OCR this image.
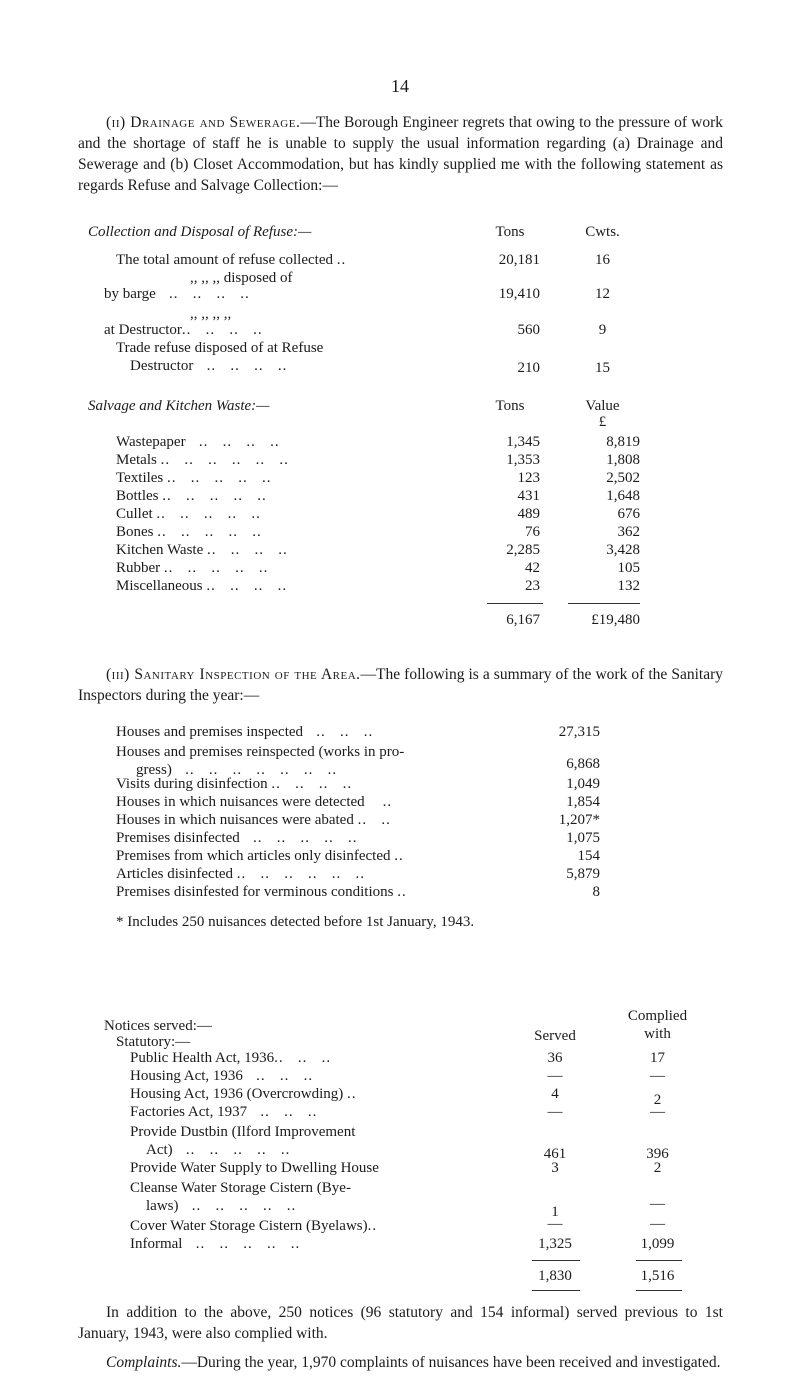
14
(ii) Drainage and Sewerage.—The Borough Engineer regrets that owing to the pressure of work and the shortage of staff he is unable to supply the usual information regarding (a) Drainage and Sewerage and (b) Closet Accommodation, but has kindly supplied me with the following statement as regards Refuse and Salvage Collection:—
Collection and Disposal of Refuse:—	Tons	Cwts.
The total amount of refuse collected ..	20,181	16
,, ,, ,, disposed of
by barge   ..   ..   ..   ..	19,410	12
,, ,, ,, ,,
at Destructor..   ..   ..   ..	560	9
Trade refuse disposed of at Refuse
Destructor   ..   ..   ..   ..	210	15
Salvage and Kitchen Waste:—	Tons	Value
£
Wastepaper   ..   ..   ..   ..	1,345	8,819
Metals ..   ..   ..   ..   ..   ..	1,353	1,808
Textiles ..   ..   ..   ..   ..	123	2,502
Bottles ..   ..   ..   ..   ..	431	1,648
Cullet ..   ..   ..   ..   ..	489	676
Bones ..   ..   ..   ..   ..	76	362
Kitchen Waste ..   ..   ..   ..	2,285	3,428
Rubber ..   ..   ..   ..   ..	42	105
Miscellaneous ..   ..   ..   ..	23	132
6,167	£19,480
(iii) Sanitary Inspection of the Area.—The following is a summary of the work of the Sanitary Inspectors during the year:—
Houses and premises inspected   ..   ..   ..	27,315
Houses and premises reinspected (works in pro-
gress)   ..   ..   ..   ..   ..   ..   ..	6,868
Visits during disinfection ..   ..   ..   ..	1,049
Houses in which nuisances were detected    ..	1,854
Houses in which nuisances were abated ..   ..	1,207*
Premises disinfected   ..   ..   ..   ..   ..	1,075
Premises from which articles only disinfected ..	154
Articles disinfected ..   ..   ..   ..   ..   ..	5,879
Premises disinfested for verminous conditions ..	8
* Includes 250 nuisances detected before 1st January, 1943.
Notices served:—
Statutory:—	Served
Complied
with
Public Health Act, 1936..   ..   ..	36	17
Housing Act, 1936   ..   ..   ..	—	—
Housing Act, 1936 (Overcrowding) ..	4	2
Factories Act, 1937   ..   ..   ..	—	—
Provide Dustbin (Ilford Improvement
Act)   ..   ..   ..   ..   ..	461	396
Provide Water Supply to Dwelling House	3	2
Cleanse Water Storage Cistern (Bye-
laws)   ..   ..   ..   ..   ..	1	—
Cover Water Storage Cistern (Byelaws)..	—	—
Informal   ..   ..   ..   ..   ..	1,325	1,099
1,830	1,516
In addition to the above, 250 notices (96 statutory and 154 informal) served previous to 1st January, 1943, were also complied with.
Complaints.—During the year, 1,970 complaints of nuisances have been received and investigated.
